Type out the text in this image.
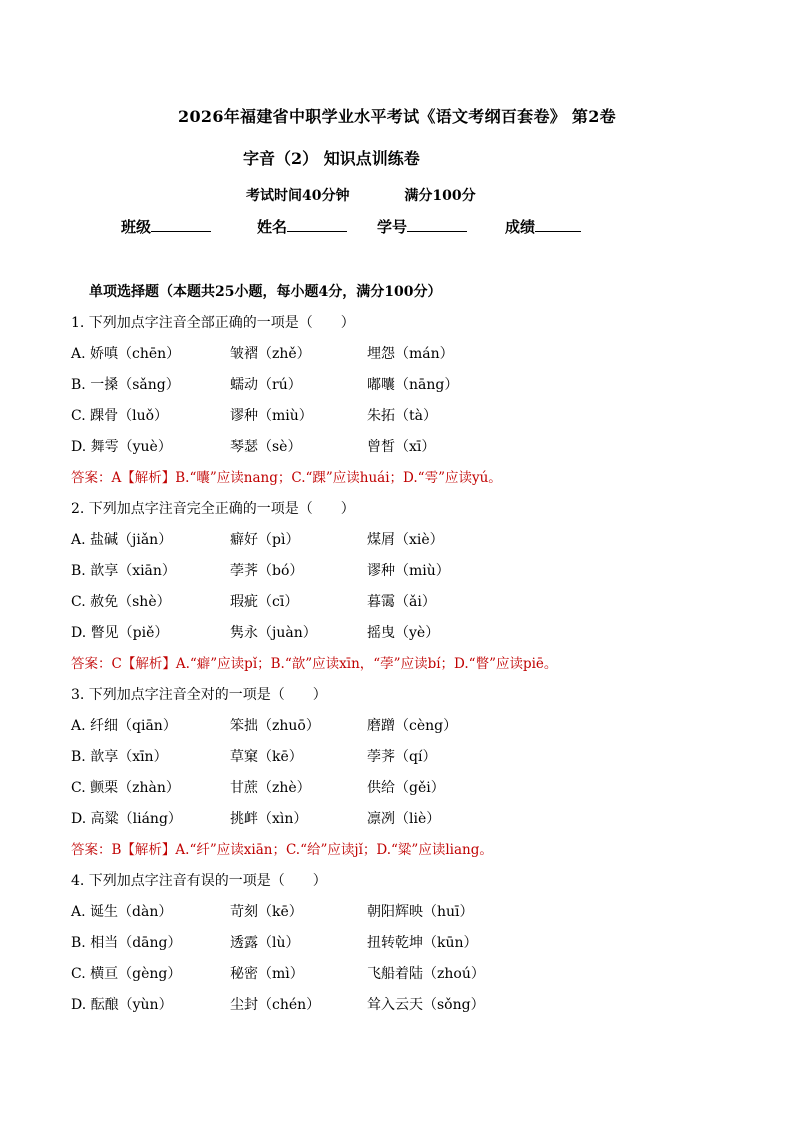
2026年福建省中职学业水平考试《语文考纲百套卷》 第2卷
字音（2） 知识点训练卷
考试时间40分钟	满分100分
班级	姓名	学号	成绩
单项选择题（本题共25小题，每小题4分，满分100分）
1. 下列加点字注音全部正确的一项是（　　）
A. 娇嗔（chēn）	皱褶（zhě）	埋怨（mán）
B. 一搡（sǎng）	蠕动（rú）	嘟囔（nāng）
C. 踝骨（luǒ）	谬种（miù）	朱拓（tà）
D. 舞雩（yuè）	琴瑟（sè）	曾皙（xī）
答案：A【解析】B.“囔”应读nang；C.“踝”应读huái；D.“雩”应读yú。
2. 下列加点字注音完全正确的一项是（　　）
A. 盐碱（jiǎn）	癖好（pì）	煤屑（xiè）
B. 歆享（xiān）	荸荠（bó）	谬种（miù）
C. 赦免（shè）	瑕疵（cī）	暮霭（ǎi）
D. 瞥见（piě）	隽永（juàn）	摇曳（yè）
答案：C【解析】A.“癖”应读pǐ；B.“歆”应读xīn，“荸”应读bí；D.“瞥”应读piē。
3. 下列加点字注音全对的一项是（　　）
A. 纤细（qiān）	笨拙（zhuō）	磨蹭（cèng）
B. 歆享（xīn）	草窠（kē）	荸荠（qí）
C. 颤栗（zhàn）	甘蔗（zhè）	供给（gěi）
D. 高粱（liáng）	挑衅（xìn）	凛冽（liè）
答案：B【解析】A.“纤”应读xiān；C.“给”应读jǐ；D.“粱”应读liang。
4. 下列加点字注音有误的一项是（　　）
A. 诞生（dàn）	苛刻（kē）	朝阳辉映（huī）
B. 相当（dāng）	透露（lù）	扭转乾坤（kūn）
C. 横亘（gèng）	秘密（mì）	飞船着陆（zhoú）
D. 酝酿（yùn）	尘封（chén）	耸入云天（sǒng）
